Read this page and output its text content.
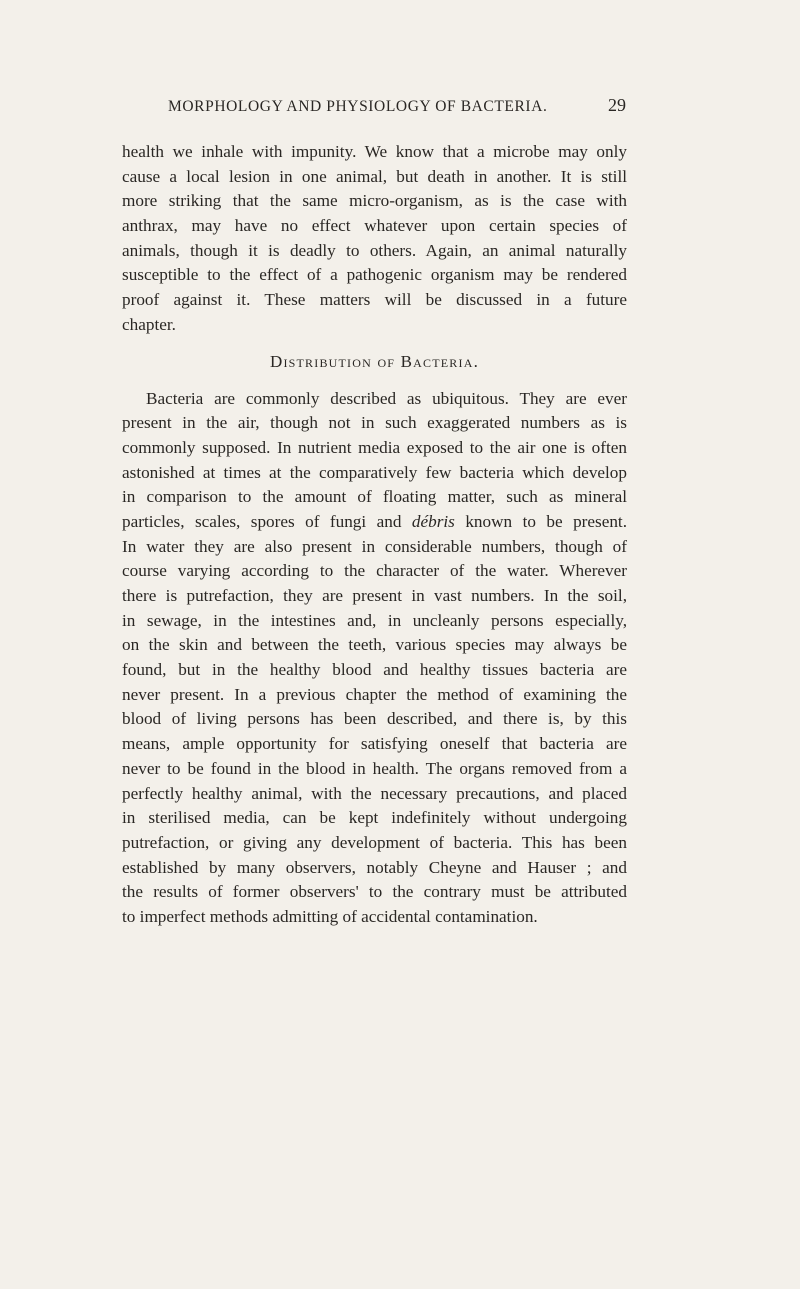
MORPHOLOGY AND PHYSIOLOGY OF BACTERIA.	29
health we inhale with impunity. We know that a microbe may only
cause a local lesion in one animal, but death in another. It is still
more striking that the same micro-organism, as is the case with
anthrax, may have no effect whatever upon certain species of
animals, though it is deadly to others. Again, an animal naturally
susceptible to the effect of a pathogenic organism may be rendered
proof against it. These matters will be discussed in a future
chapter.
Distribution of Bacteria.
Bacteria are commonly described as ubiquitous. They are ever
present in the air, though not in such exaggerated numbers as is
commonly supposed. In nutrient media exposed to the air one is often
astonished at times at the comparatively few bacteria which develop
in comparison to the amount of floating matter, such as mineral
particles, scales, spores of fungi and débris known to be present.
In water they are also present in considerable numbers, though of
course varying according to the character of the water. Wherever
there is putrefaction, they are present in vast numbers. In the soil,
in sewage, in the intestines and, in uncleanly persons especially,
on the skin and between the teeth, various species may always be
found, but in the healthy blood and healthy tissues bacteria are
never present. In a previous chapter the method of examining the
blood of living persons has been described, and there is, by this
means, ample opportunity for satisfying oneself that bacteria are
never to be found in the blood in health. The organs removed from a
perfectly healthy animal, with the necessary precautions, and placed
in sterilised media, can be kept indefinitely without undergoing
putrefaction, or giving any development of bacteria. This has been
established by many observers, notably Cheyne and Hauser ; and
the results of former observers' to the contrary must be attributed
to imperfect methods admitting of accidental contamination.
